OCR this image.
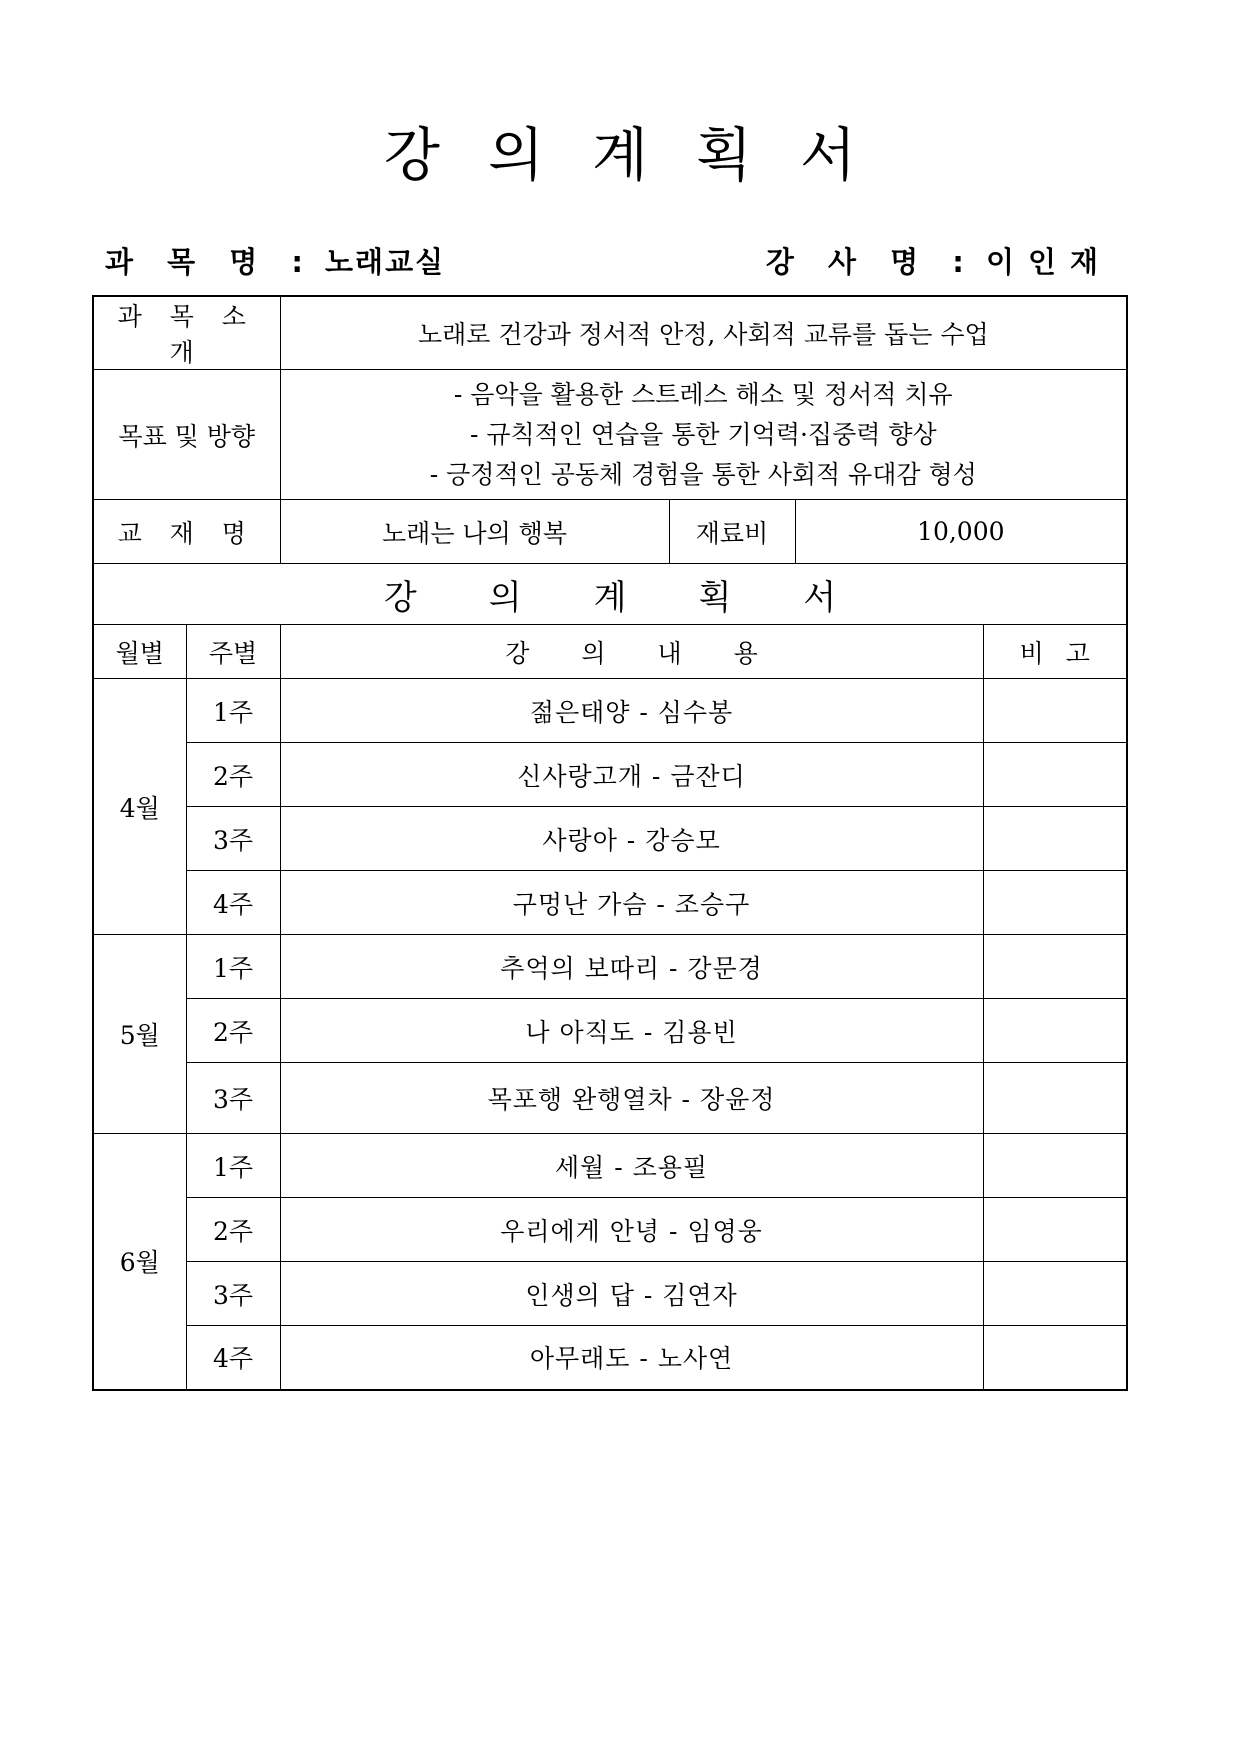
강의계획서
과 목 명 : 노래교실	강 사 명 : 이인재
과 목 소 개		노래로 건강과 정서적 안정, 사회적 교류를 돕는 수업			
목표 및 방향		- 음악을 활용한 스트레스 해소 및 정서적 치유
- 규칙적인 연습을 통한 기억력·집중력 향상
- 긍정적인 공동체 경험을 통한 사회적 유대감 형성			

교 재 명		노래는 나의 행복	재료비	10,000	
강의계획서					
월별	주별	강의내용			비고
4월	1주	젊은태양 - 심수봉			
	2주	신사랑고개 - 금잔디			
	3주	사랑아 - 강승모			
	4주	구멍난 가슴 - 조승구			
5월	1주	추억의 보따리 - 강문경			
	2주	나 아직도 - 김용빈			
	3주	목포행 완행열차 - 장윤정			
6월	1주	세월 - 조용필			
	2주	우리에게 안녕 - 임영웅			
	3주	인생의 답 - 김연자			
	4주	아무래도 - 노사연			
